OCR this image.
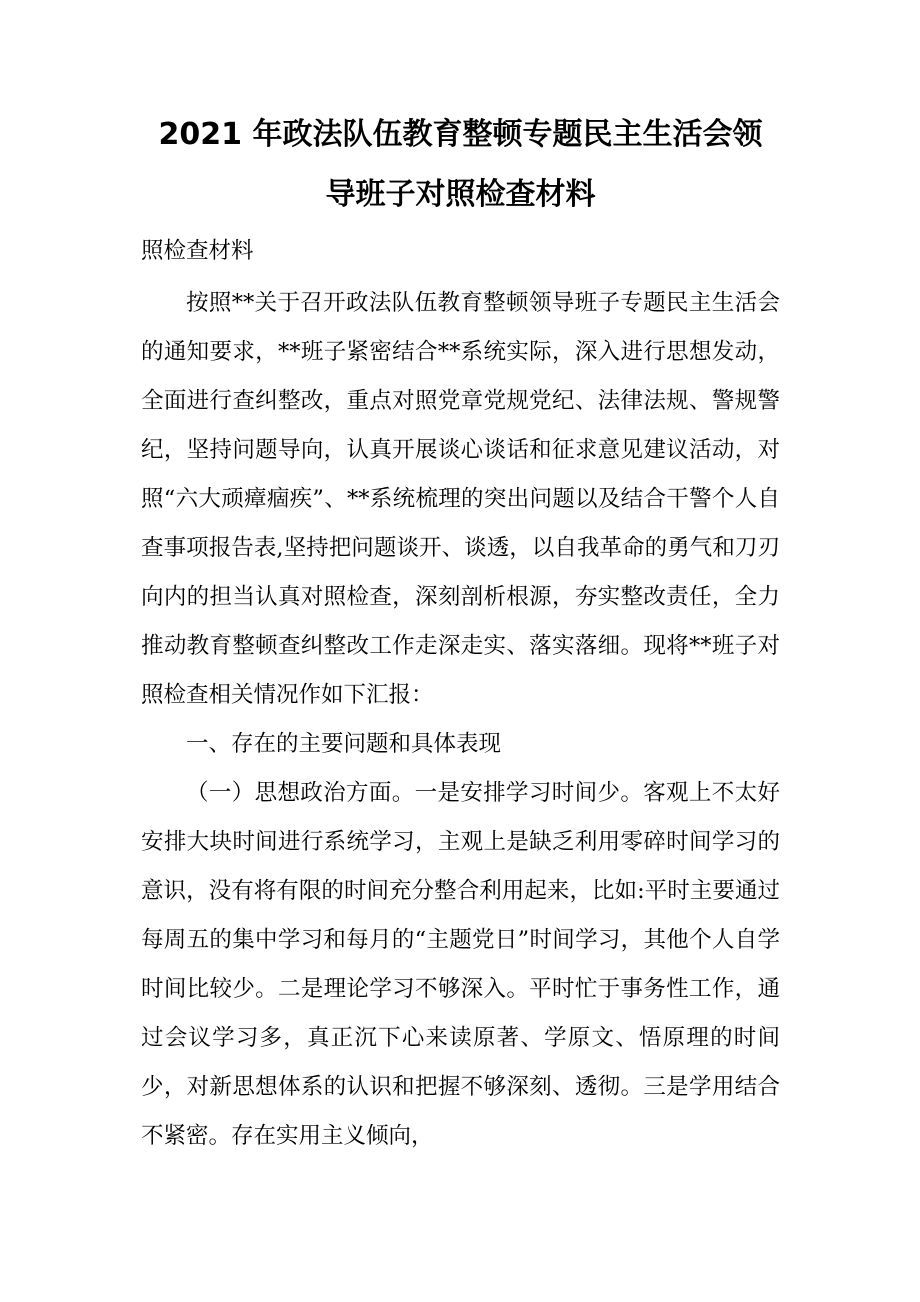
2021 年政法队伍教育整顿专题民主生活会领
导班子对照检查材料

照检查材料

按照**关于召开政法队伍教育整顿领导班子专题民主生活会的通知要求，**班子紧密结合**系统实际，深入进行思想发动，全面进行查纠整改，重点对照党章党规党纪、法律法规、警规警纪，坚持问题导向，认真开展谈心谈话和征求意见建议活动，对照“六大顽瘴痼疾”、**系统梳理的突出问题以及结合干警个人自查事项报告表,坚持把问题谈开、谈透，以自我革命的勇气和刀刃向内的担当认真对照检查，深刻剖析根源，夯实整改责任，全力推动教育整顿查纠整改工作走深走实、落实落细。现将**班子对照检查相关情况作如下汇报：

一、存在的主要问题和具体表现

（一）思想政治方面。一是安排学习时间少。客观上不太好安排大块时间进行系统学习，主观上是缺乏利用零碎时间学习的意识，没有将有限的时间充分整合利用起来，比如:平时主要通过每周五的集中学习和每月的“主题党日”时间学习，其他个人自学时间比较少。二是理论学习不够深入。平时忙于事务性工作，通过会议学习多，真正沉下心来读原著、学原文、悟原理的时间少，对新思想体系的认识和把握不够深刻、透彻。三是学用结合不紧密。存在实用主义倾向，
